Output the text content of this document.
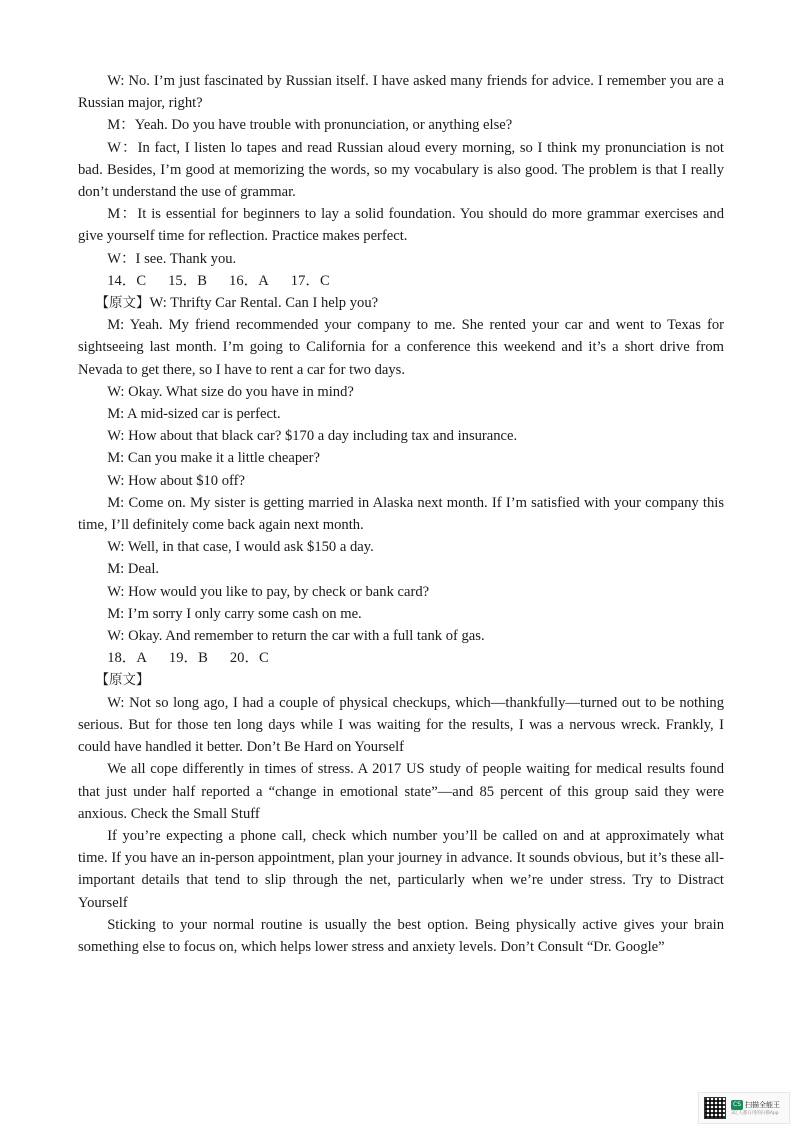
W: No. I’m just fascinated by Russian itself. I have asked many friends for advice. I remember you are a Russian major, right?

M：Yeah. Do you have trouble with pronunciation, or anything else?

W：In fact, I listen lo tapes and read Russian aloud every morning, so I think my pronunciation is not bad. Besides, I’m good at memorizing the words, so my vocabulary is also good. The problem is that I really don’t understand the use of grammar.

M：It is essential for beginners to lay a solid foundation. You should do more grammar exercises and give yourself time for reflection. Practice makes perfect.

W：I see. Thank you.

14．C 15．B 16．A 17．C

【原文】W: Thrifty Car Rental. Can I help you?

M: Yeah. My friend recommended your company to me. She rented your car and went to Texas for sightseeing last month. I’m going to California for a conference this weekend and it’s a short drive from Nevada to get there, so I have to rent a car for two days.

W: Okay. What size do you have in mind?

M: A mid-sized car is perfect.

W: How about that black car? $170 a day including tax and insurance.

M: Can you make it a little cheaper?

W: How about $10 off?

M: Come on. My sister is getting married in Alaska next month. If I’m satisfied with your company this time, I’ll definitely come back again next month.

W: Well, in that case, I would ask $150 a day.

M: Deal.

W: How would you like to pay, by check or bank card?

M: I’m sorry I only carry some cash on me.

W: Okay. And remember to return the car with a full tank of gas.

18．A 19．B 20．C

【原文】

W: Not so long ago, I had a couple of physical checkups, which—thankfully—turned out to be nothing serious. But for those ten long days while I was waiting for the results, I was a nervous wreck. Frankly, I could have handled it better. Don’t Be Hard on Yourself

We all cope differently in times of stress. A 2017 US study of people waiting for medical results found that just under half reported a “change in emotional state”—and 85 percent of this group said they were anxious. Check the Small Stuff

If you’re expecting a phone call, check which number you’ll be called on and at approximately what time. If you have an in-person appointment, plan your journey in advance. It sounds obvious, but it’s these all-important details that tend to slip through the net, particularly when we’re under stress. Try to Distract Yourself

Sticking to your normal routine is usually the best option. Being physically active gives your brain something else to focus on, which helps lower stress and anxiety levels. Don’t Consult “Dr. Google”

CS 扫描全能王
3亿人都在用的扫描App
